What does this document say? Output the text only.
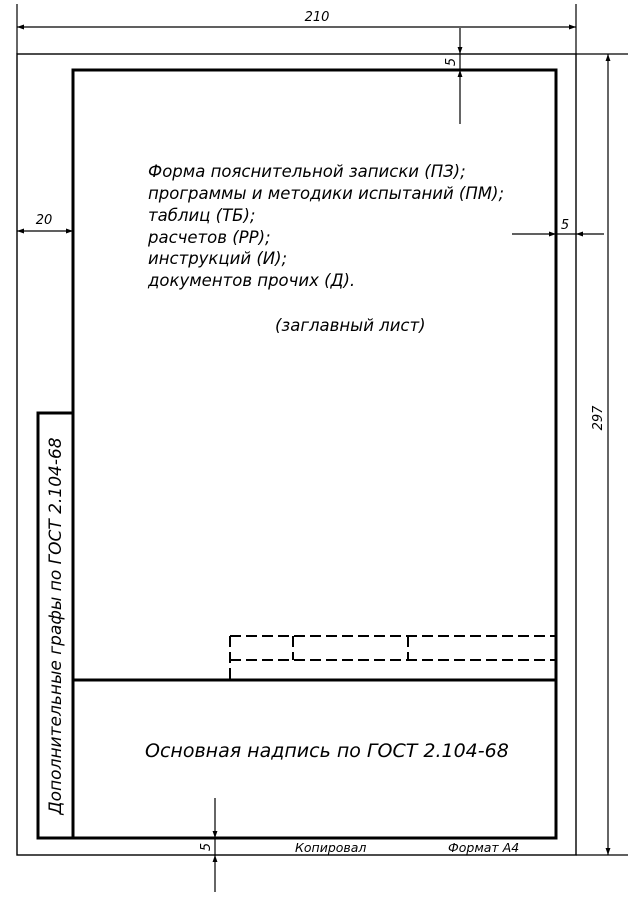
210
297
20
5
5
5
Форма пояснительной записки (ПЗ);
программы и методики испытаний (ПМ);
таблиц (ТБ);
расчетов (РР);
инструкций (И);
документов прочих (Д).
(заглавный лист)
Основная надпись по ГОСТ 2.104-68
Дополнительные графы по ГОСТ 2.104-68
Копировал	Формат А4
